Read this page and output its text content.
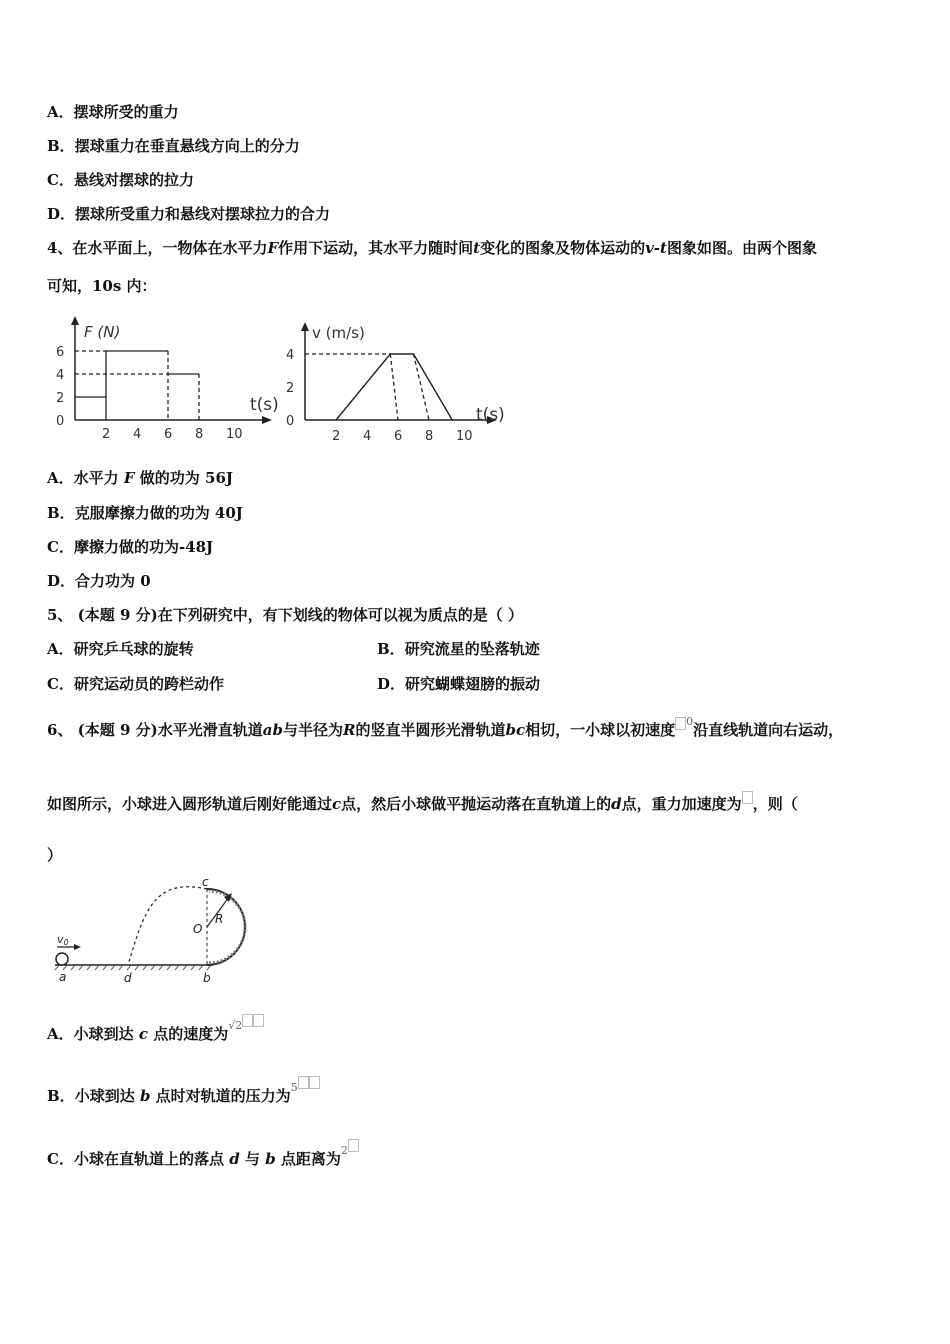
A．摆球所受的重力
B．摆球重力在垂直悬线方向上的分力
C．悬线对摆球的拉力
D．摆球所受重力和悬线对摆球拉力的合力
4、在水平面上，一物体在水平力F作用下运动，其水平力随时间t变化的图象及物体运动的v-t图象如图。由两个图象
可知，10s 内：
F (N)
t(s)
2 4 6 8 10
0
2
4
6
v (m/s)
t(s)
2 4 6 8 10
0
2
4
A．水平力 F 做的功为 56J
B．克服摩擦力做的功为 40J
C．摩擦力做的功为-48J
D．合力功为 0
5、 (本题 9 分)在下列研究中，有下划线的物体可以视为质点的是（ ）
A．研究乒乓球的旋转	B．研究流星的坠落轨迹
C．研究运动员的跨栏动作	D．研究蝴蝶翅膀的振动
6、 (本题 9 分)水平光滑直轨道ab与半径为R的竖直半圆形光滑轨道bc相切，一小球以初速度 $^0$沿直线轨道向右运动，
如图所示，小球进入圆形轨道后刚好能通过c点，然后小球做平抛运动落在直轨道上的d点，重力加速度为 ，则（
）
v0
a	d	b
c
O
R
A．小球到达 c 点的速度为$^{√2}$
B．小球到达 b 点时对轨道的压力为$^5$
C．小球在直轨道上的落点 d 与 b 点距离为$^2$
